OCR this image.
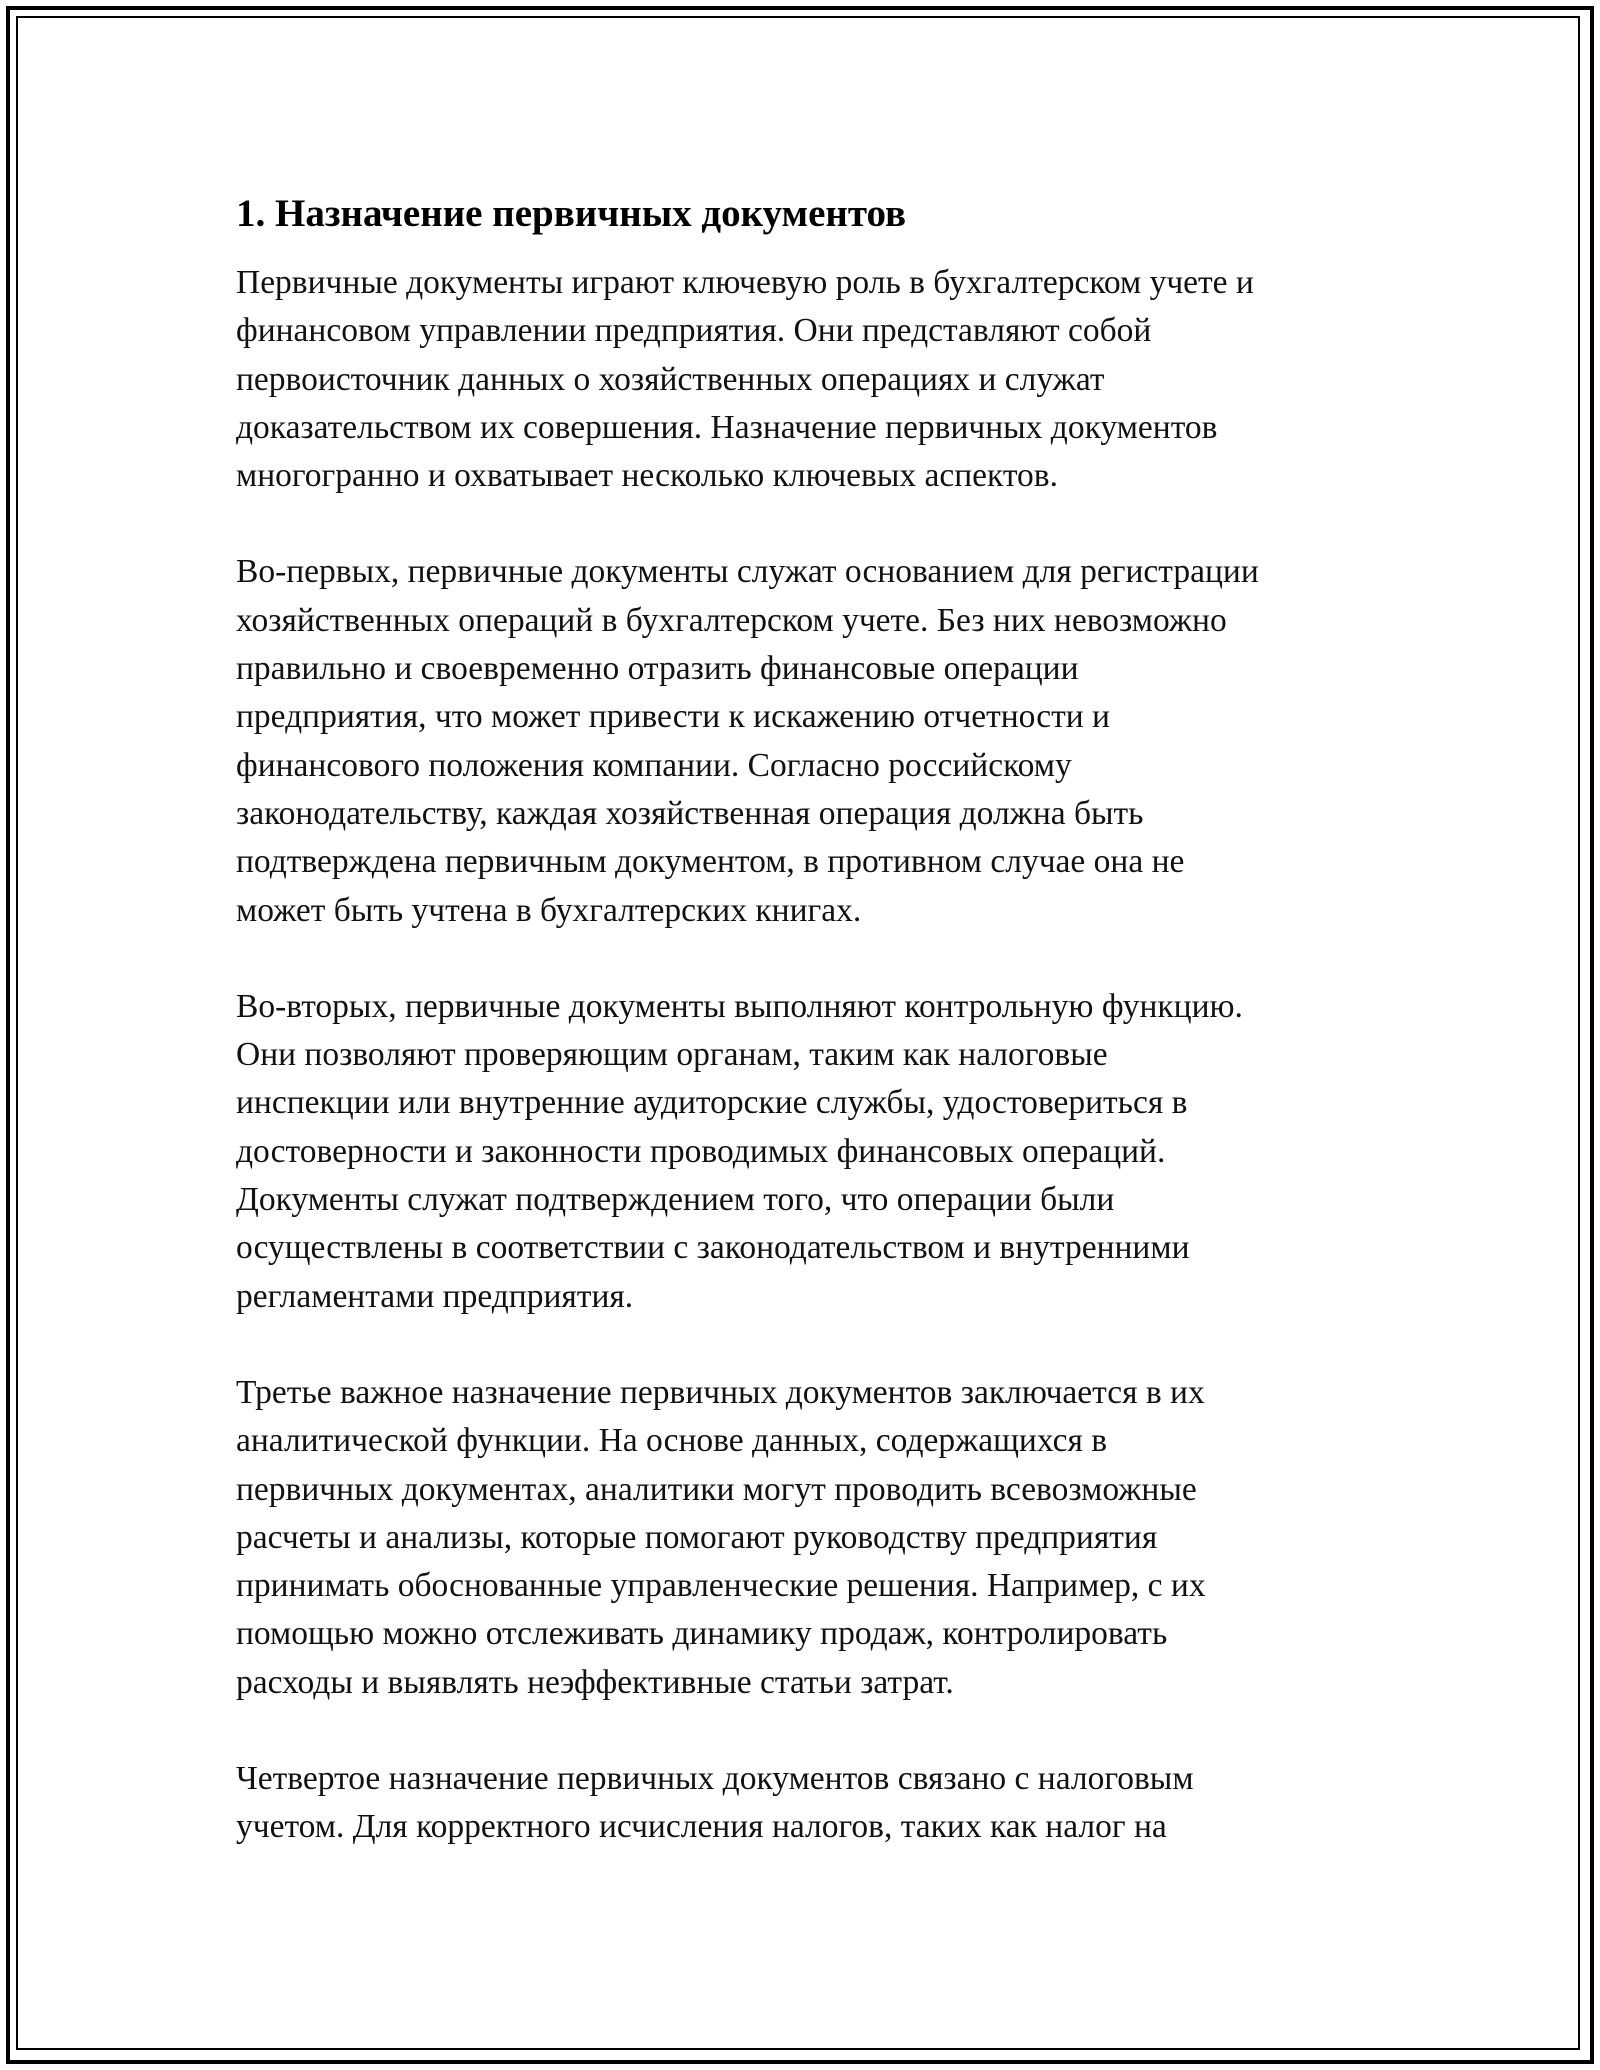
1. Назначение первичных документов

Первичные документы играют ключевую роль в бухгалтерском учете и
финансовом управлении предприятия. Они представляют собой
первоисточник данных о хозяйственных операциях и служат
доказательством их совершения. Назначение первичных документов
многогранно и охватывает несколько ключевых аспектов.

Во-первых, первичные документы служат основанием для регистрации
хозяйственных операций в бухгалтерском учете. Без них невозможно
правильно и своевременно отразить финансовые операции
предприятия, что может привести к искажению отчетности и
финансового положения компании. Согласно российскому
законодательству, каждая хозяйственная операция должна быть
подтверждена первичным документом, в противном случае она не
может быть учтена в бухгалтерских книгах.

Во-вторых, первичные документы выполняют контрольную функцию.
Они позволяют проверяющим органам, таким как налоговые
инспекции или внутренние аудиторские службы, удостовериться в
достоверности и законности проводимых финансовых операций.
Документы служат подтверждением того, что операции были
осуществлены в соответствии с законодательством и внутренними
регламентами предприятия.

Третье важное назначение первичных документов заключается в их
аналитической функции. На основе данных, содержащихся в
первичных документах, аналитики могут проводить всевозможные
расчеты и анализы, которые помогают руководству предприятия
принимать обоснованные управленческие решения. Например, с их
помощью можно отслеживать динамику продаж, контролировать
расходы и выявлять неэффективные статьи затрат.

Четвертое назначение первичных документов связано с налоговым
учетом. Для корректного исчисления налогов, таких как налог на
